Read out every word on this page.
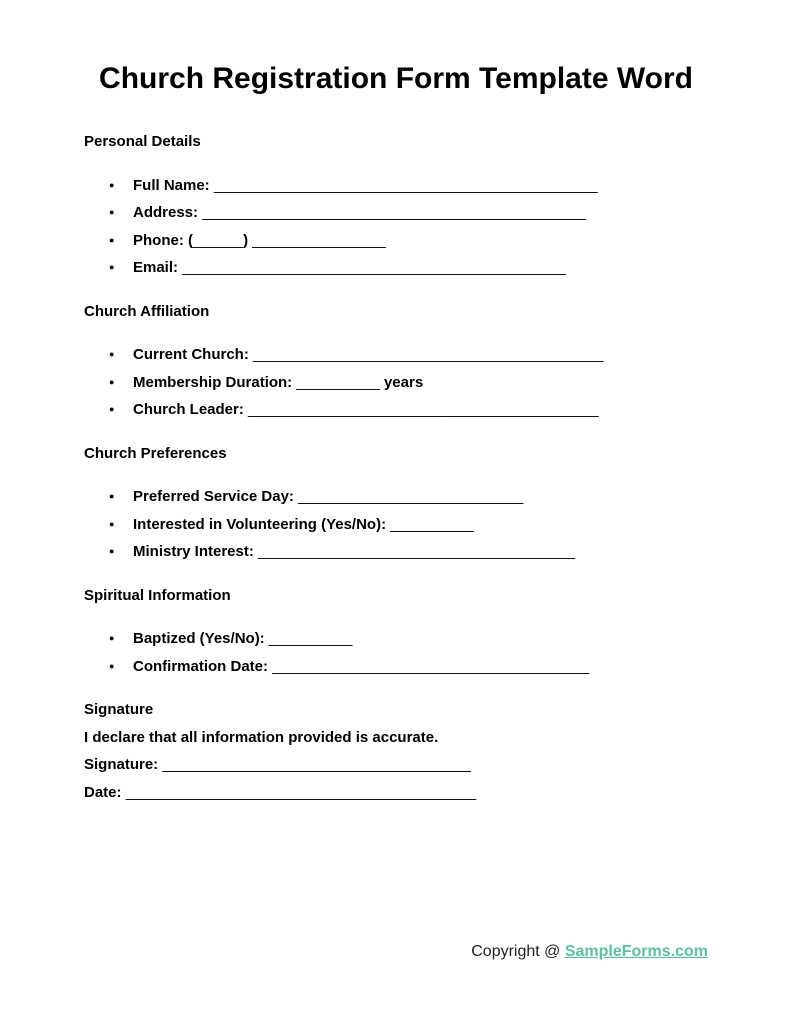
Church Registration Form Template Word
Personal Details
● Full Name: ______________________________________________
● Address: ______________________________________________
● Phone: (______) ________________
● Email: ______________________________________________
Church Affiliation
● Current Church: __________________________________________
● Membership Duration: __________ years
● Church Leader: __________________________________________
Church Preferences
● Preferred Service Day: ___________________________
● Interested in Volunteering (Yes/No): __________
● Ministry Interest: ______________________________________
Spiritual Information
● Baptized (Yes/No): __________
● Confirmation Date: ______________________________________
Signature

I declare that all information provided is accurate.

Signature: _____________________________________

Date: __________________________________________

Copyright @ SampleForms.com
